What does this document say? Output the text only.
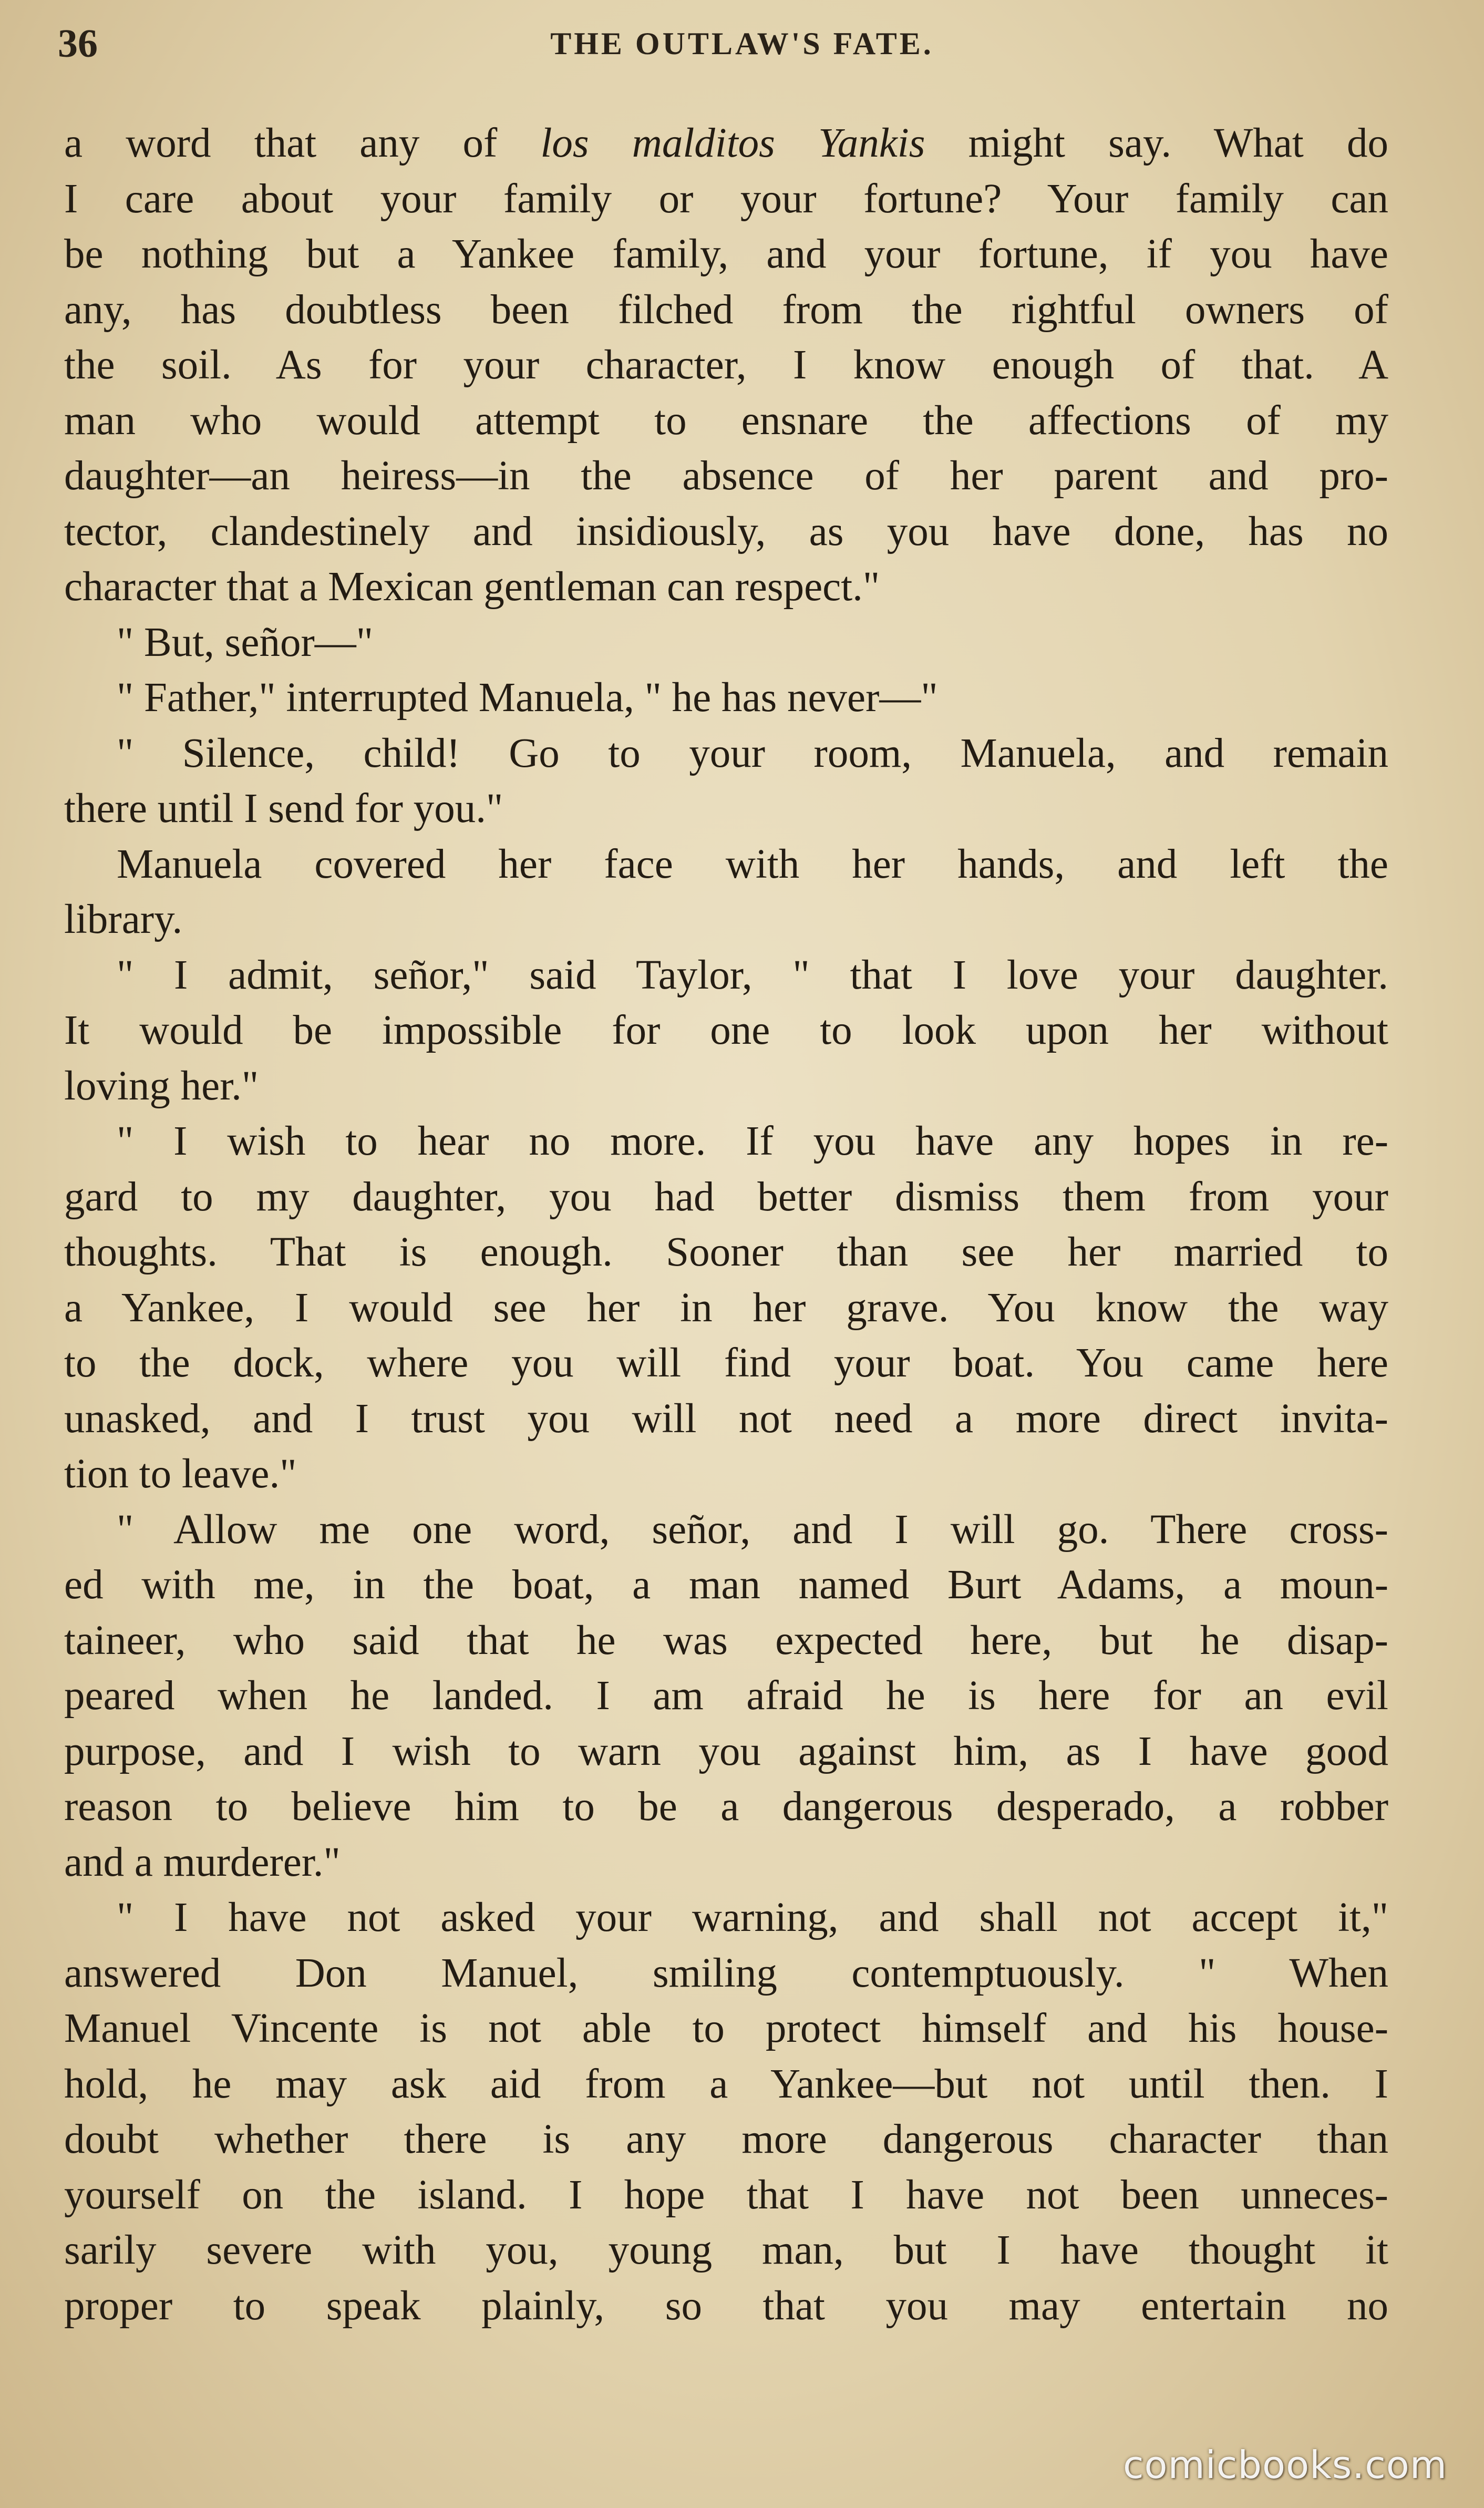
36	THE OUTLAW'S FATE.
a word that any of los malditos Yankis might say. What do
I care about your family or your fortune? Your family can
be nothing but a Yankee family, and your fortune, if you have
any, has doubtless been filched from the rightful owners of
the soil. As for your character, I know enough of that. A
man who would attempt to ensnare the affections of my
daughter—an heiress—in the absence of her parent and pro-
tector, clandestinely and insidiously, as you have done, has no
character that a Mexican gentleman can respect."
" But, señor—"
" Father," interrupted Manuela, " he has never—"
" Silence, child! Go to your room, Manuela, and remain
there until I send for you."
Manuela covered her face with her hands, and left the
library.
" I admit, señor," said Taylor, " that I love your daughter.
It would be impossible for one to look upon her without
loving her."
" I wish to hear no more. If you have any hopes in re-
gard to my daughter, you had better dismiss them from your
thoughts. That is enough. Sooner than see her married to
a Yankee, I would see her in her grave. You know the way
to the dock, where you will find your boat. You came here
unasked, and I trust you will not need a more direct invita-
tion to leave."
" Allow me one word, señor, and I will go. There cross-
ed with me, in the boat, a man named Burt Adams, a moun-
taineer, who said that he was expected here, but he disap-
peared when he landed. I am afraid he is here for an evil
purpose, and I wish to warn you against him, as I have good
reason to believe him to be a dangerous desperado, a robber
and a murderer."
" I have not asked your warning, and shall not accept it,"
answered Don Manuel, smiling contemptuously. " When
Manuel Vincente is not able to protect himself and his house-
hold, he may ask aid from a Yankee—but not until then. I
doubt whether there is any more dangerous character than
yourself on the island. I hope that I have not been unneces-
sarily severe with you, young man, but I have thought it
proper to speak plainly, so that you may entertain no
comicbooks.com
